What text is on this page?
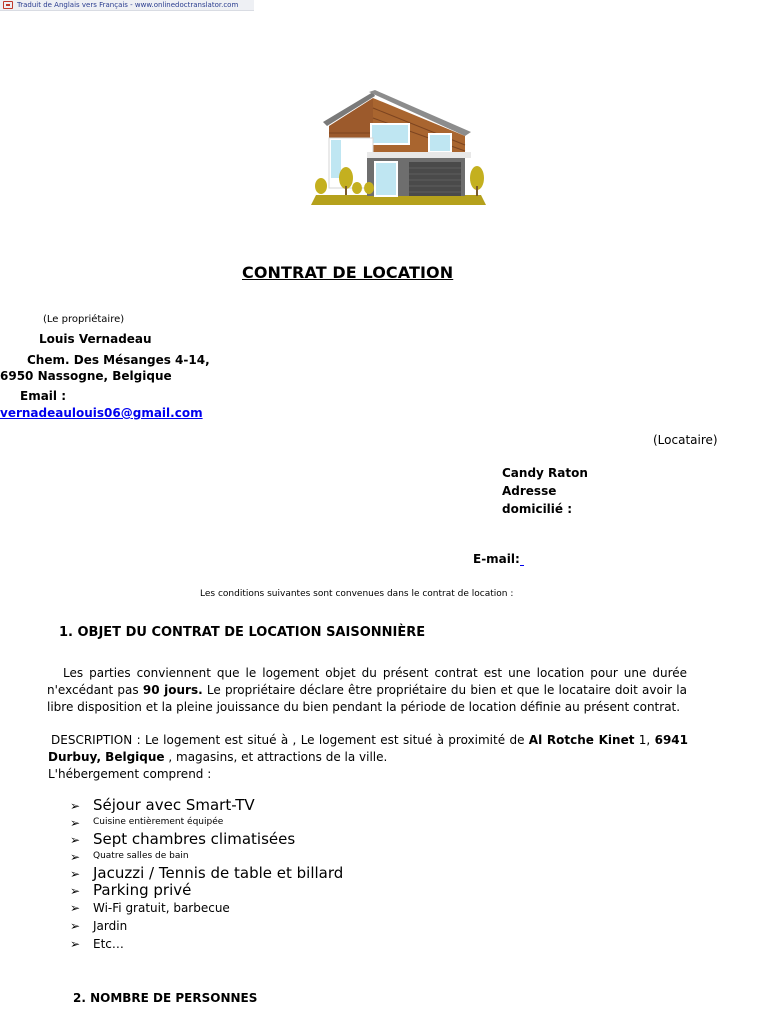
Traduit de Anglais vers Français - www.onlinedoctranslator.com
CONTRAT DE LOCATION
(Le propriétaire)
Louis Vernadeau
Chem. Des Mésanges 4-14,
6950 Nassogne, Belgique
Email :
vernadeaulouis06@gmail.com
(Locataire)
Candy Raton
Adresse
domicilié :
E-mail:
Les conditions suivantes sont convenues dans le contrat de location :
1. OBJET DU CONTRAT DE LOCATION SAISONNIÈRE
Les parties conviennent que le logement objet du présent contrat est une location pour une durée n'excédant pas 90 jours. Le propriétaire déclare être propriétaire du bien et que le locataire doit avoir la libre disposition et la pleine jouissance du bien pendant la période de location définie au présent contrat.
DESCRIPTION : Le logement est situé à , Le logement est situé à proximité de Al Rotche Kinet 1, 6941 Durbuy, Belgique , magasins, et attractions de la ville.
L'hébergement comprend :
➢ Séjour avec Smart-TV
➢	Cuisine entièrement équipée
➢ Sept chambres climatisées
➢	Quatre salles de bain
➢ Jacuzzi / Tennis de table et billard
➢ Parking privé
➢	Wi-Fi gratuit, barbecue
➢	Jardin
➢	Etc…
2. NOMBRE DE PERSONNES
